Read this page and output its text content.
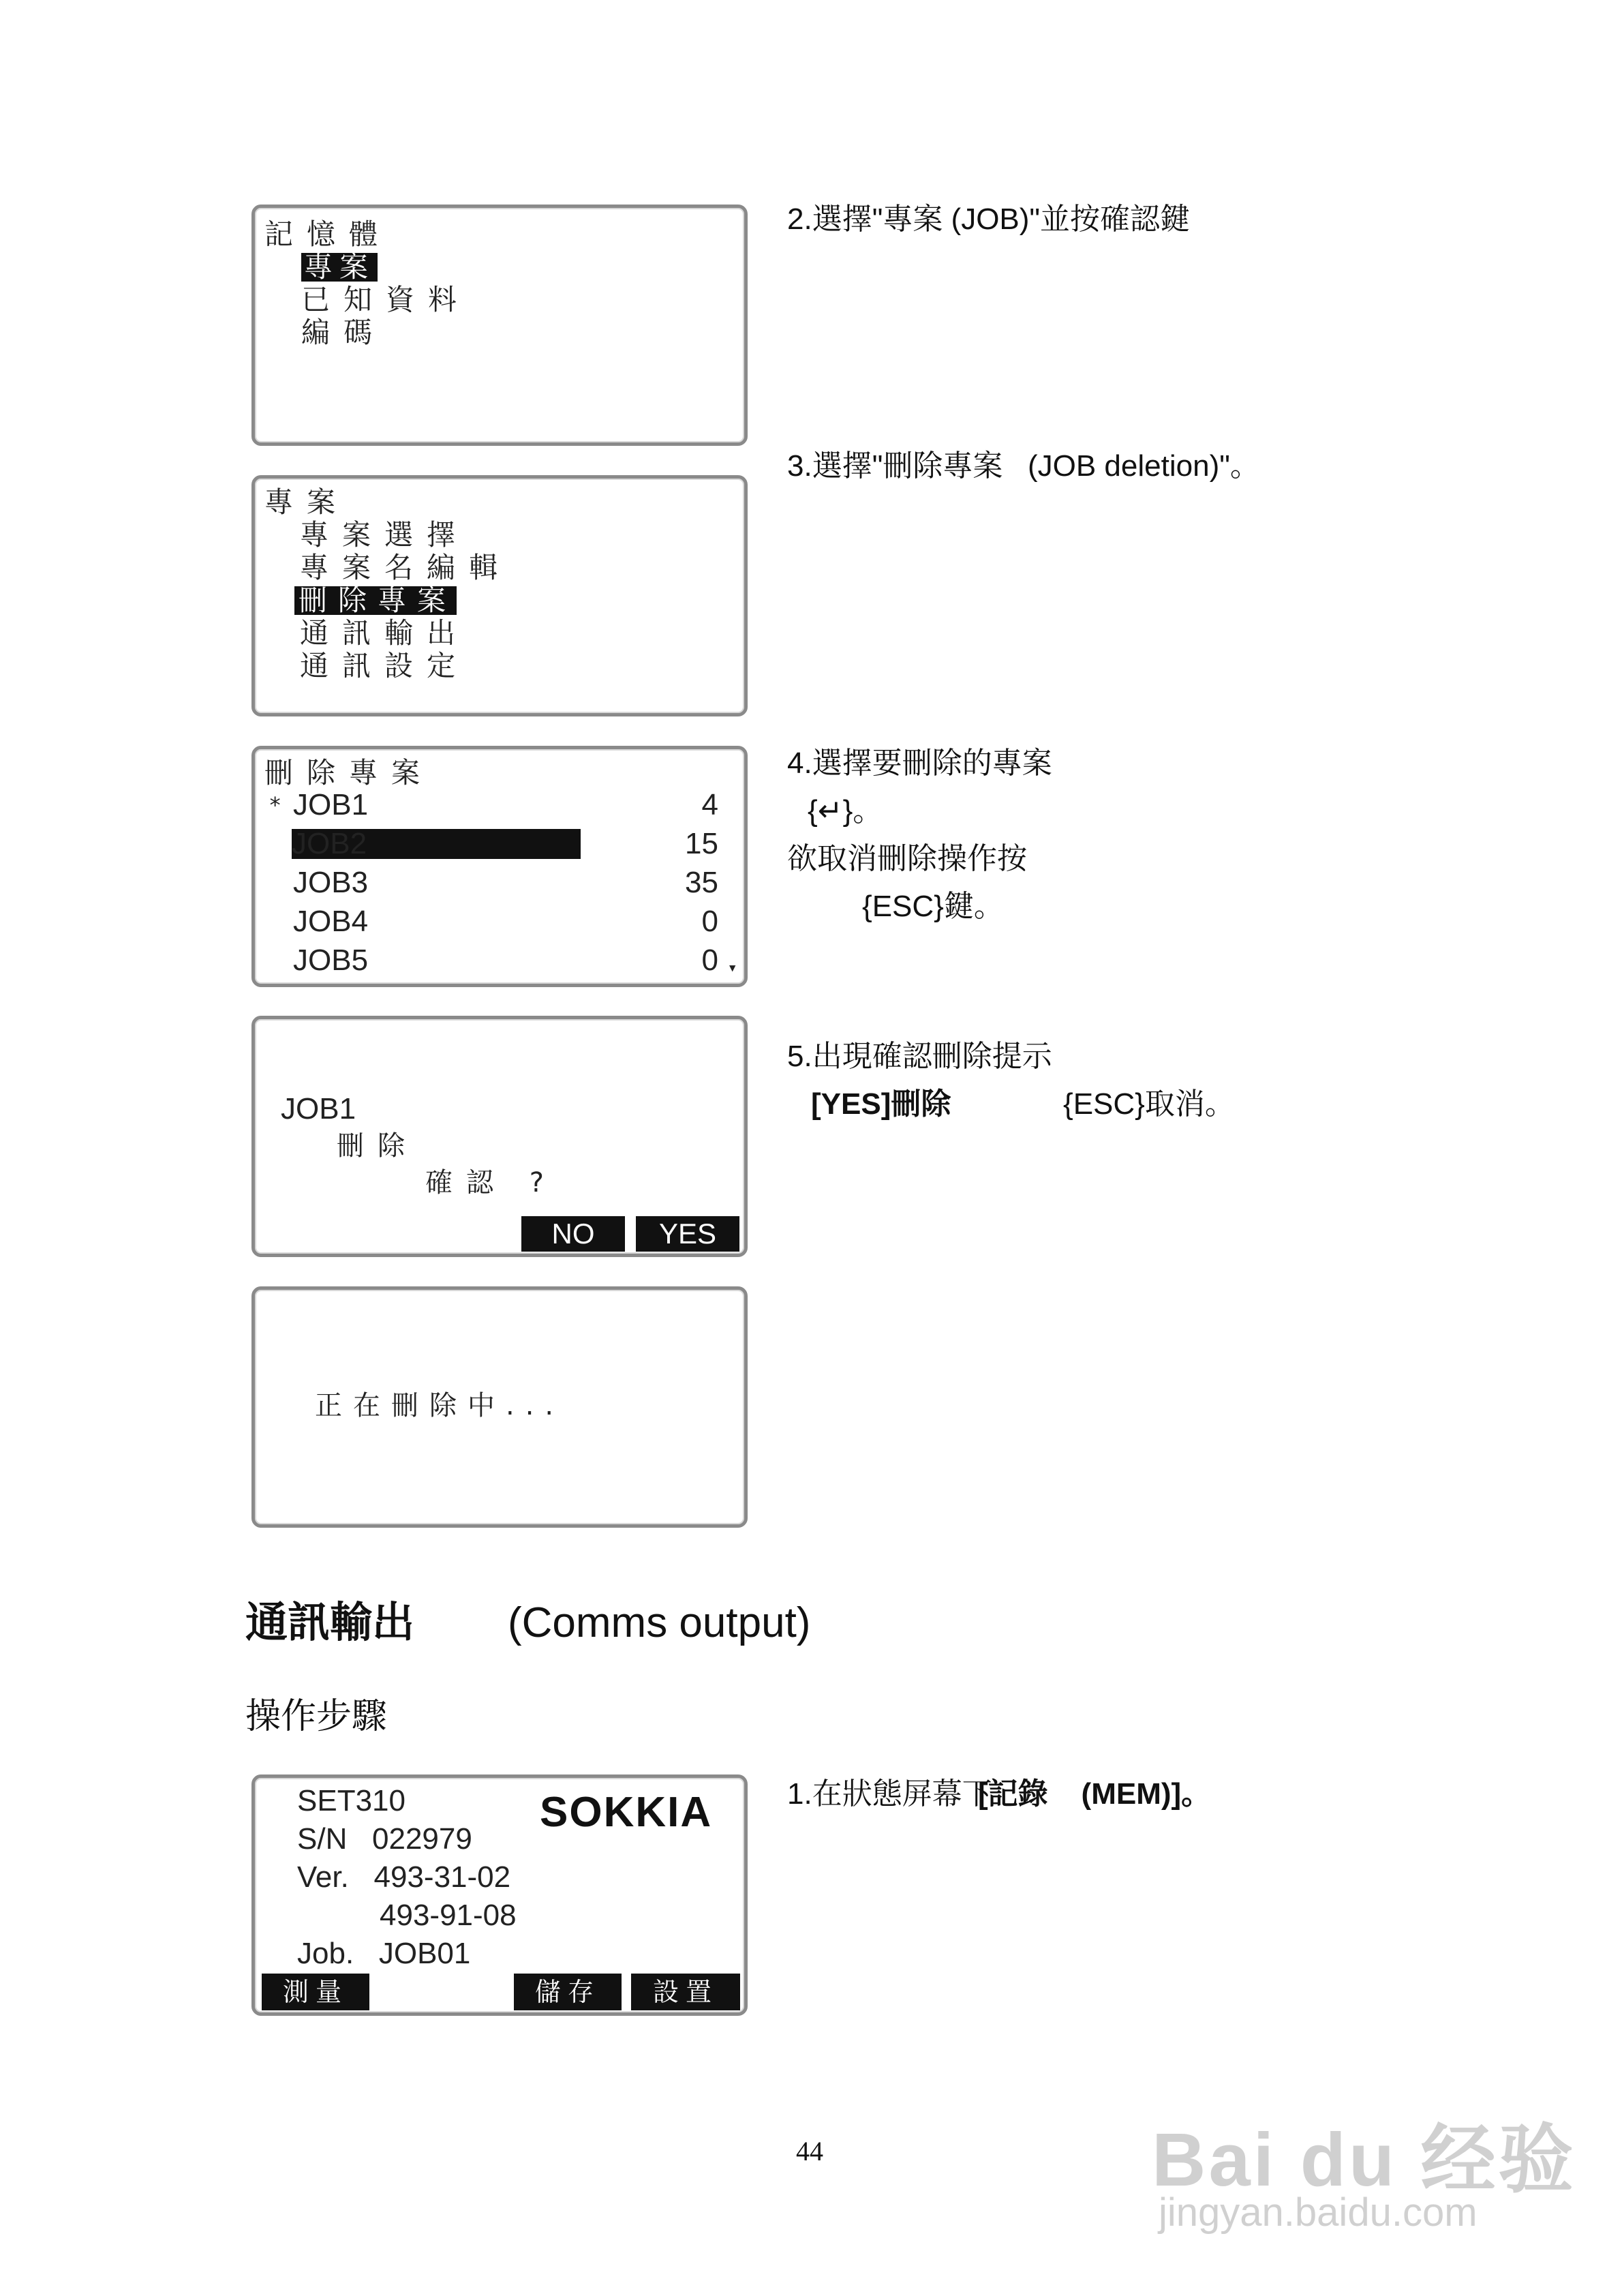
記憶體
專案
已知資料
編碼
專案
專案選擇
專案名編輯
刪除專案
通訊輸出
通訊設定
刪除專案
* JOB1	4
JOB2	15
JOB3	35
JOB4	0
JOB5	0 ▾
JOB1
刪除
確認 ?
NO	YES
正在刪除中...
SET310	SOKKIA
S/N   022979
Ver.   493-31-02
493-91-08
Job.   JOB01
測量	儲存	設置
2.選擇"專案 (JOB)"並按確認鍵
3.選擇"刪除專案   (JOB deletion)"。
4.選擇要刪除的專案
{↵}。
欲取消刪除操作按
{ESC}鍵。
5.出現確認刪除提示
[YES]刪除	{ESC}取消。
通訊輸出 (Comms output)
操作步驟
1.在狀態屏幕下
[記錄    (MEM)]。
44	Bai du 经验
jingyan.baidu.com
